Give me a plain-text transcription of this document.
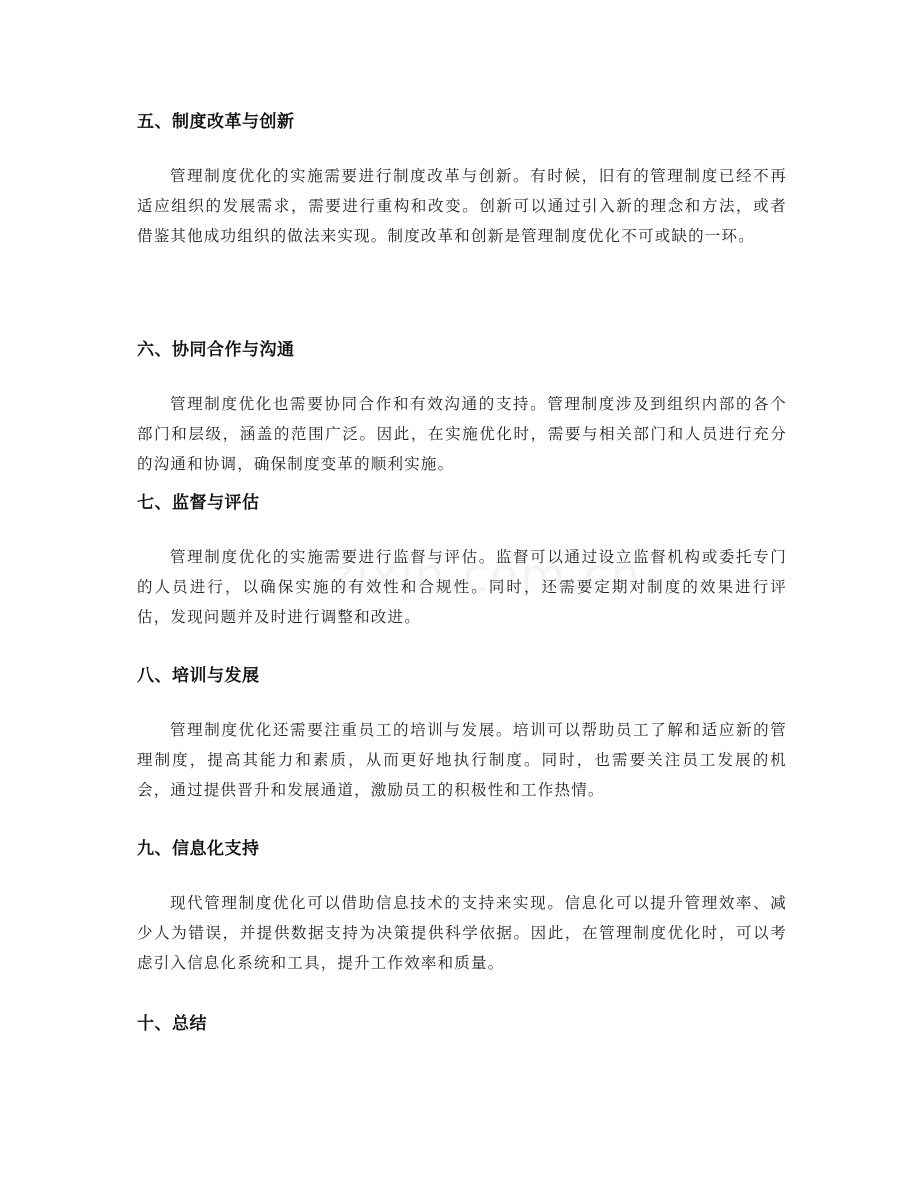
五、制度改革与创新

管理制度优化的实施需要进行制度改革与创新。有时候，旧有的管理制度已经不再适应组织的发展需求，需要进行重构和改变。创新可以通过引入新的理念和方法，或者借鉴其他成功组织的做法来实现。制度改革和创新是管理制度优化不可或缺的一环。

六、协同合作与沟通

管理制度优化也需要协同合作和有效沟通的支持。管理制度涉及到组织内部的各个部门和层级，涵盖的范围广泛。因此，在实施优化时，需要与相关部门和人员进行充分的沟通和协调，确保制度变革的顺利实施。

七、监督与评估

管理制度优化的实施需要进行监督与评估。监督可以通过设立监督机构或委托专门的人员进行，以确保实施的有效性和合规性。同时，还需要定期对制度的效果进行评估，发现问题并及时进行调整和改进。

八、培训与发展

管理制度优化还需要注重员工的培训与发展。培训可以帮助员工了解和适应新的管理制度，提高其能力和素质，从而更好地执行制度。同时，也需要关注员工发展的机会，通过提供晋升和发展通道，激励员工的积极性和工作热情。

九、信息化支持

现代管理制度优化可以借助信息技术的支持来实现。信息化可以提升管理效率、减少人为错误，并提供数据支持为决策提供科学依据。因此，在管理制度优化时，可以考虑引入信息化系统和工具，提升工作效率和质量。

十、总结
